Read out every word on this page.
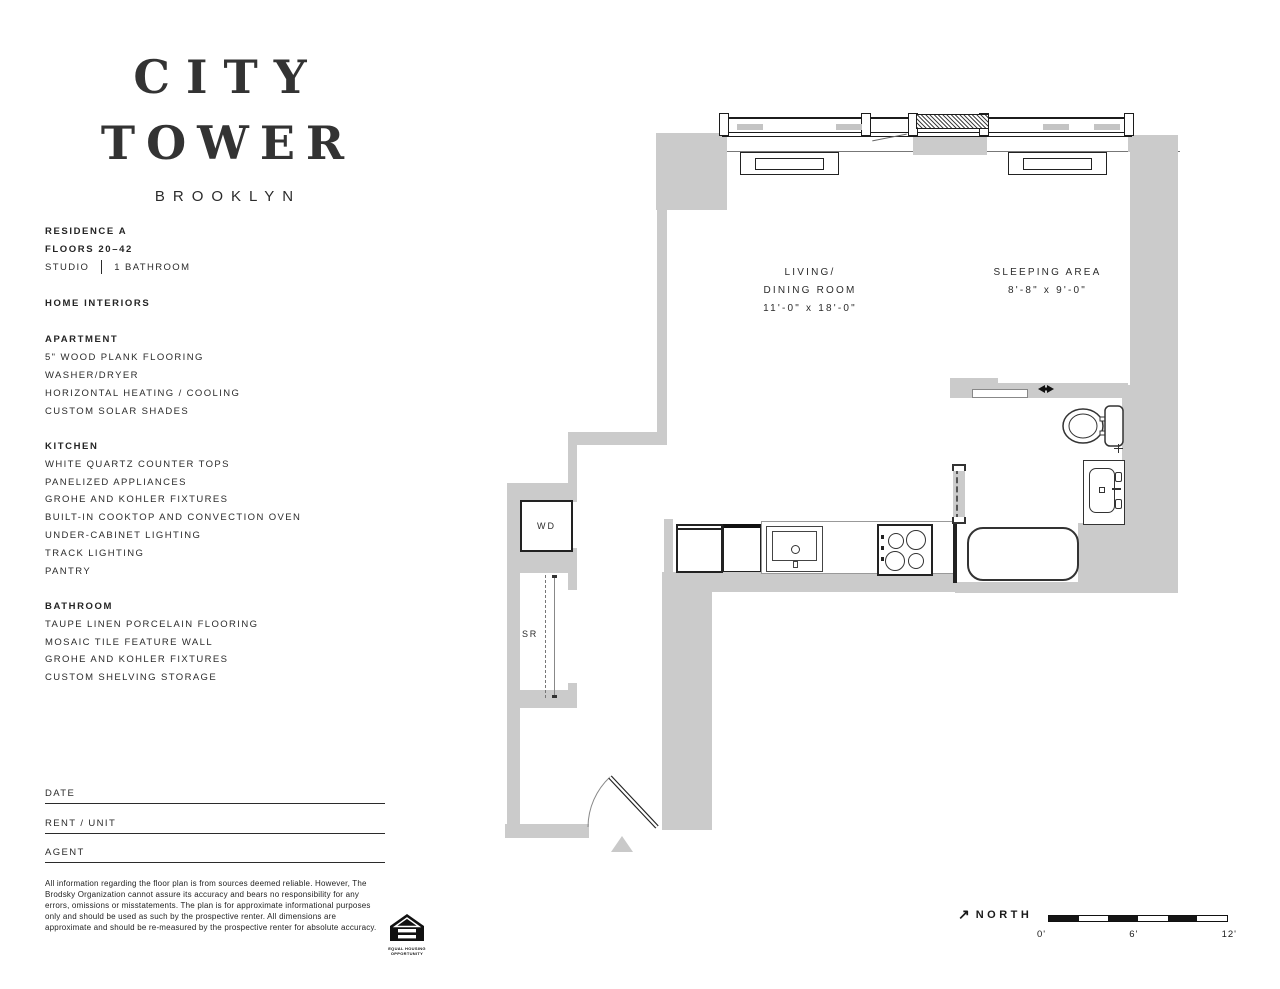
CITY
TOWER
BROOKLYN
RESIDENCE A
FLOORS 20–42
STUDIO	1 BATHROOM
HOME INTERIORS
APARTMENT
5" WOOD PLANK FLOORING
WASHER/DRYER
HORIZONTAL HEATING / COOLING
CUSTOM SOLAR SHADES
KITCHEN
WHITE QUARTZ COUNTER TOPS
PANELIZED APPLIANCES
GROHE AND KOHLER FIXTURES
BUILT-IN COOKTOP AND CONVECTION OVEN
UNDER-CABINET LIGHTING
TRACK LIGHTING
PANTRY
BATHROOM
TAUPE LINEN PORCELAIN FLOORING
MOSAIC TILE FEATURE WALL
GROHE AND KOHLER FIXTURES
CUSTOM SHELVING STORAGE
DATE
RENT / UNIT
AGENT
All information regarding the floor plan is from sources deemed reliable. However, The Brodsky Organization cannot assure its accuracy and bears no responsibility for any errors, omissions or misstatements. The plan is for approximate informational purposes only and should be used as such by the prospective renter. All dimensions are approximate and should be re-measured by the prospective renter for absolute accuracy.
EQUAL HOUSING
OPPORTUNITY
WD
SR
LIVING/
DINING ROOM
11'-0" x 18'-0"
SLEEPING AREA
8'-8" x 9'-0"
↗ NORTH
0'	6'	12'
